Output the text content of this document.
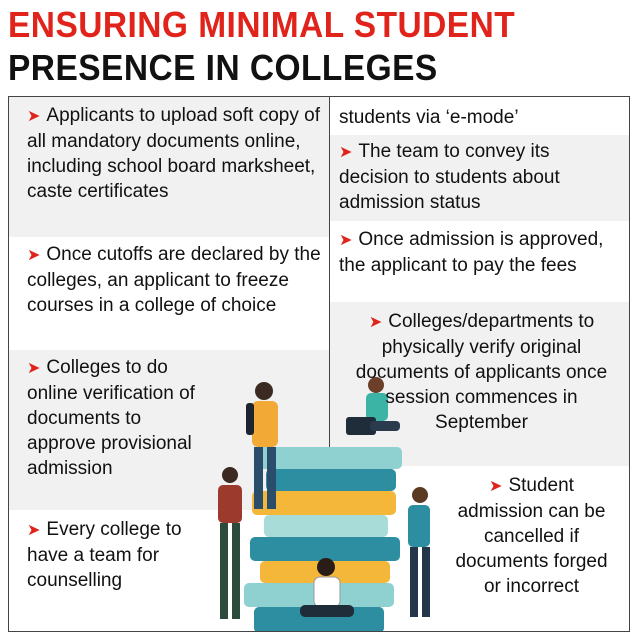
ENSURING MINIMAL STUDENT
PRESENCE IN COLLEGES

➤ Applicants to upload soft copy of all mandatory documents online, including school board marksheet, caste certificates

➤ Once cutoffs are declared by the colleges, an applicant to freeze courses in a college of choice

➤ Colleges to do online verification of documents to approve provisional admission

➤ Every college to have a team for counselling

students via ‘e-mode’

➤ The team to convey its decision to students about admission status

➤ Once admission is approved, the applicant to pay the fees

➤ Colleges/departments to physically verify original documents of applicants once session commences in September

➤ Student admission can be cancelled if documents forged or incorrect
